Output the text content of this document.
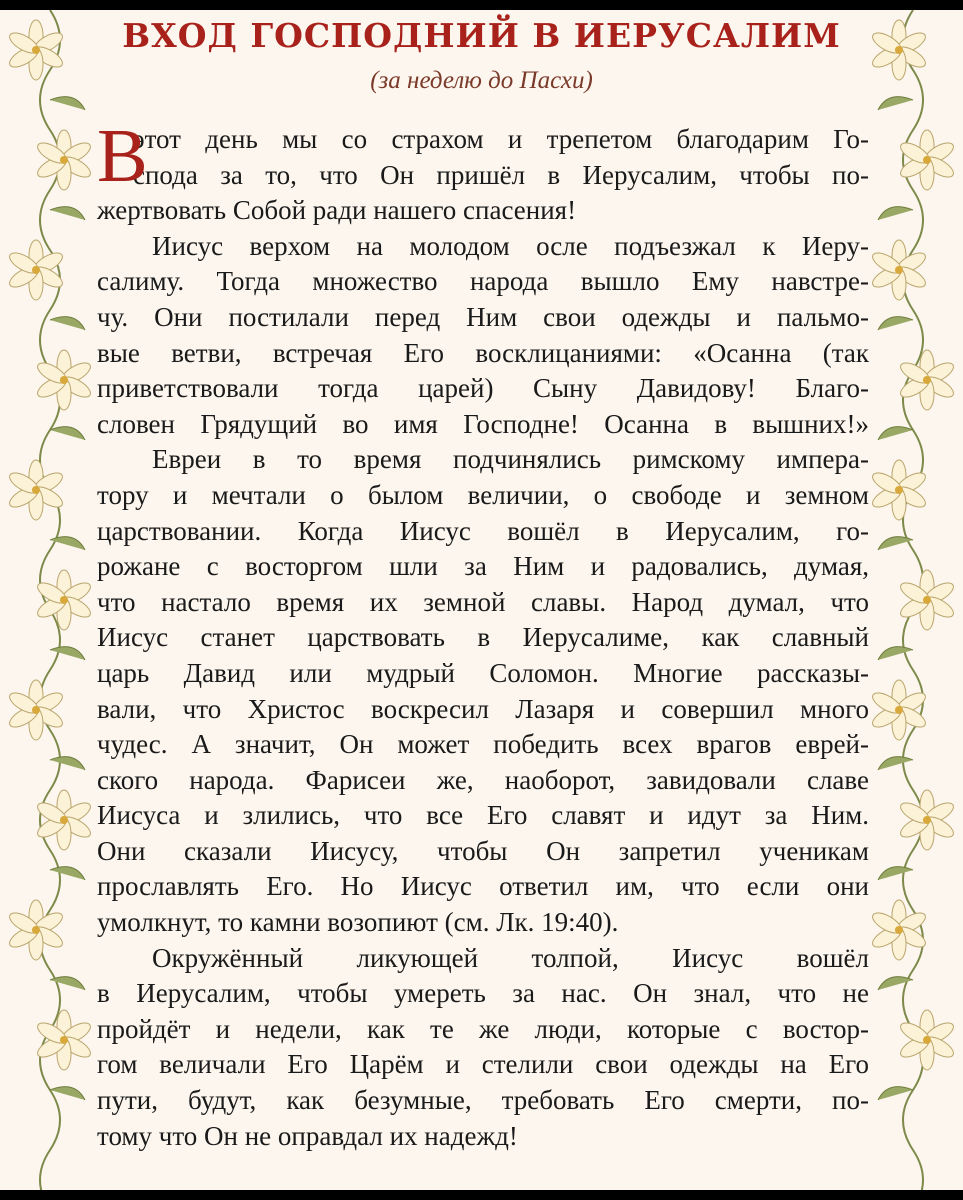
ВХОД ГОСПОДНИЙ В ИЕРУСАЛИМ
(за неделю до Пасхи)
В
этот день мы со страхом и трепетом благодарим Го-
спода за то, что Он пришёл в Иерусалим, чтобы по-
жертвовать Собой ради нашего спасения!
Иисус верхом на молодом осле подъезжал к Иеру-
салиму. Тогда множество народа вышло Ему навстре-
чу. Они постилали перед Ним свои одежды и пальмо-
вые ветви, встречая Его восклицаниями: «Осанна (так
приветствовали тогда царей) Сыну Давидову! Благо-
словен Грядущий во имя Господне! Осанна в вышних!»
Евреи в то время подчинялись римскому импера-
тору и мечтали о былом величии, о свободе и земном
царствовании. Когда Иисус вошёл в Иерусалим, го-
рожане с восторгом шли за Ним и радовались, думая,
что настало время их земной славы. Народ думал, что
Иисус станет царствовать в Иерусалиме, как славный
царь Давид или мудрый Соломон. Многие рассказы-
вали, что Христос воскресил Лазаря и совершил много
чудес. А значит, Он может победить всех врагов еврей-
ского народа. Фарисеи же, наоборот, завидовали славе
Иисуса и злились, что все Его славят и идут за Ним.
Они сказали Иисусу, чтобы Он запретил ученикам
прославлять Его. Но Иисус ответил им, что если они
умолкнут, то камни возопиют (см. Лк. 19:40).
Окружённый ликующей толпой, Иисус вошёл
в Иерусалим, чтобы умереть за нас. Он знал, что не
пройдёт и недели, как те же люди, которые с востор-
гом величали Его Царём и стелили свои одежды на Его
пути, будут, как безумные, требовать Его смерти, по-
тому что Он не оправдал их надежд!
